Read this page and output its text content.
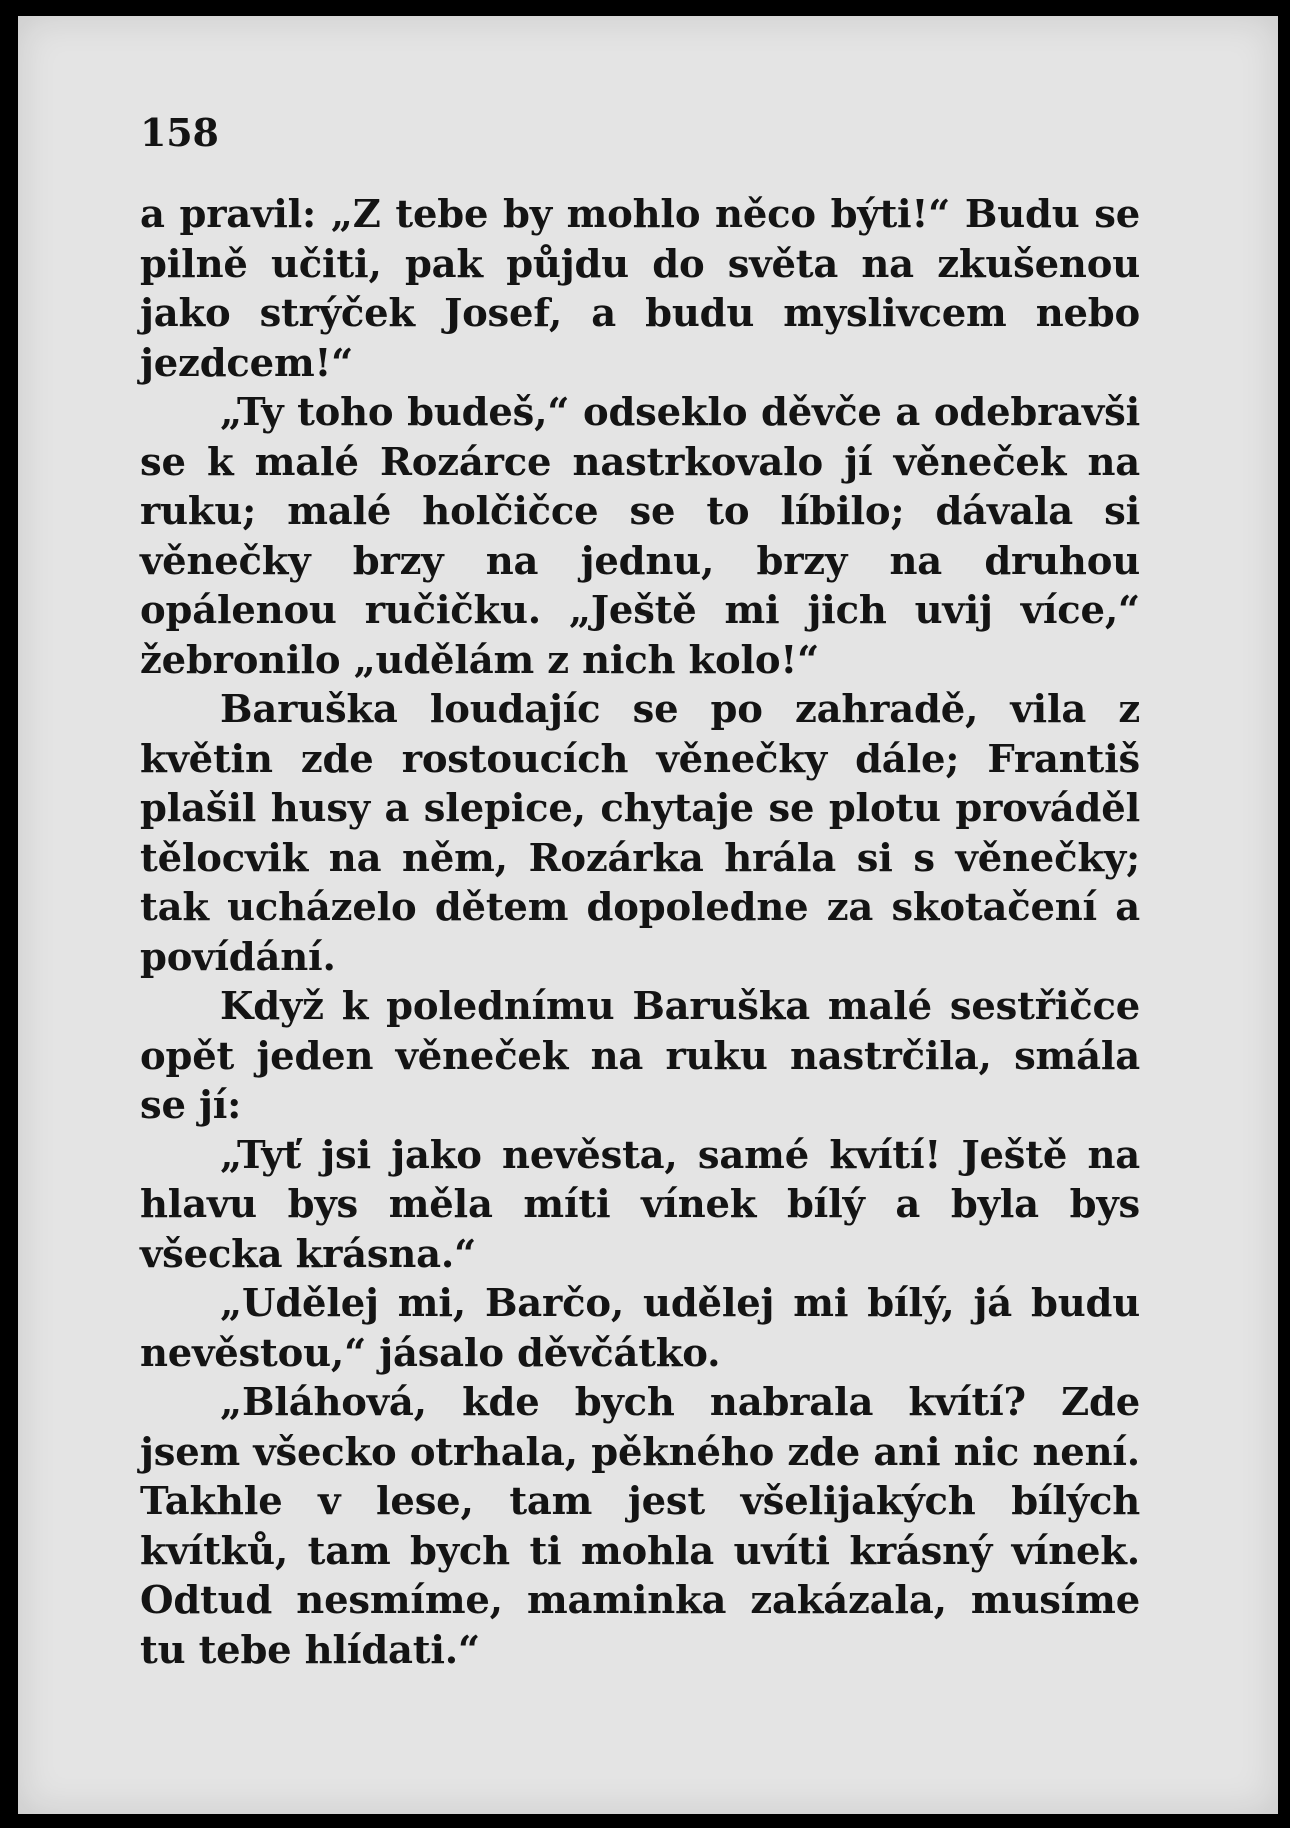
158

a pravil: „Z tebe by mohlo něco býti!“ Budu se pilně učiti, pak půjdu do světa na zkušenou jako strýček Josef, a budu myslivcem nebo jezdcem!“

„Ty toho budeš,“ odseklo děvče a odebravši se k malé Rozárce nastrkovalo jí věneček na ruku; malé holčičce se to líbilo; dávala si věnečky brzy na jednu, brzy na druhou opálenou ručičku. „Ještě mi jich uvij více,“ žebronilo „udělám z nich kolo!“

Baruška loudajíc se po zahradě, vila z květin zde rostoucích věnečky dále; Františ plašil husy a slepice, chytaje se plotu prováděl tělocvik na něm, Rozárka hrála si s věnečky; tak ucházelo dětem dopoledne za skotačení a povídání.

Když k polednímu Baruška malé sestřičce opět jeden věneček na ruku nastrčila, smála se jí:

„Tyť jsi jako nevěsta, samé kvítí! Ještě na hlavu bys měla míti vínek bílý a byla bys všecka krásna.“

„Udělej mi, Barčo, udělej mi bílý, já budu nevěstou,“ jásalo děvčátko.

„Bláhová, kde bych nabrala kvítí? Zde jsem všecko otrhala, pěkného zde ani nic není. Takhle v lese, tam jest všelijakých bílých kvítků, tam bych ti mohla uvíti krásný vínek. Odtud nesmíme, maminka zakázala, musíme tu tebe hlídati.“
